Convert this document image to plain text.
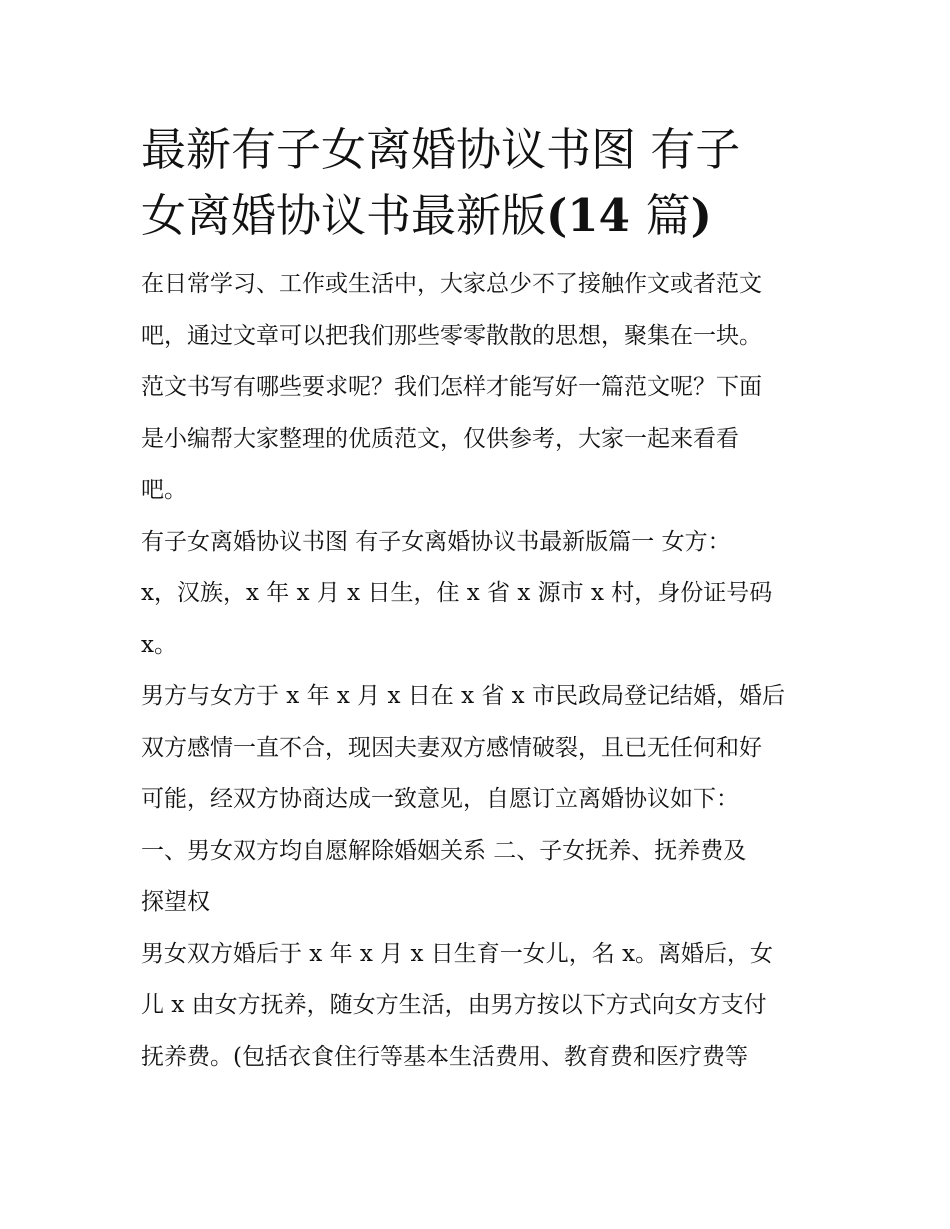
最新有子女离婚协议书图 有子
女离婚协议书最新版(14 篇)
在日常学习、工作或生活中，大家总少不了接触作文或者范文
吧，通过文章可以把我们那些零零散散的思想，聚集在一块。
范文书写有哪些要求呢？我们怎样才能写好一篇范文呢？下面
是小编帮大家整理的优质范文，仅供参考，大家一起来看看
吧。
有子女离婚协议书图 有子女离婚协议书最新版篇一 女方：
x，汉族，x 年 x 月 x 日生，住 x 省 x 源市 x 村，身份证号码
x。
男方与女方于 x 年 x 月 x 日在 x 省 x 市民政局登记结婚，婚后
双方感情一直不合，现因夫妻双方感情破裂，且已无任何和好
可能，经双方协商达成一致意见，自愿订立离婚协议如下：
一、男女双方均自愿解除婚姻关系 二、子女抚养、抚养费及
探望权
男女双方婚后于 x 年 x 月 x 日生育一女儿，名 x。离婚后，女
儿 x 由女方抚养，随女方生活，由男方按以下方式向女方支付
抚养费。(包括衣食住行等基本生活费用、教育费和医疗费等
